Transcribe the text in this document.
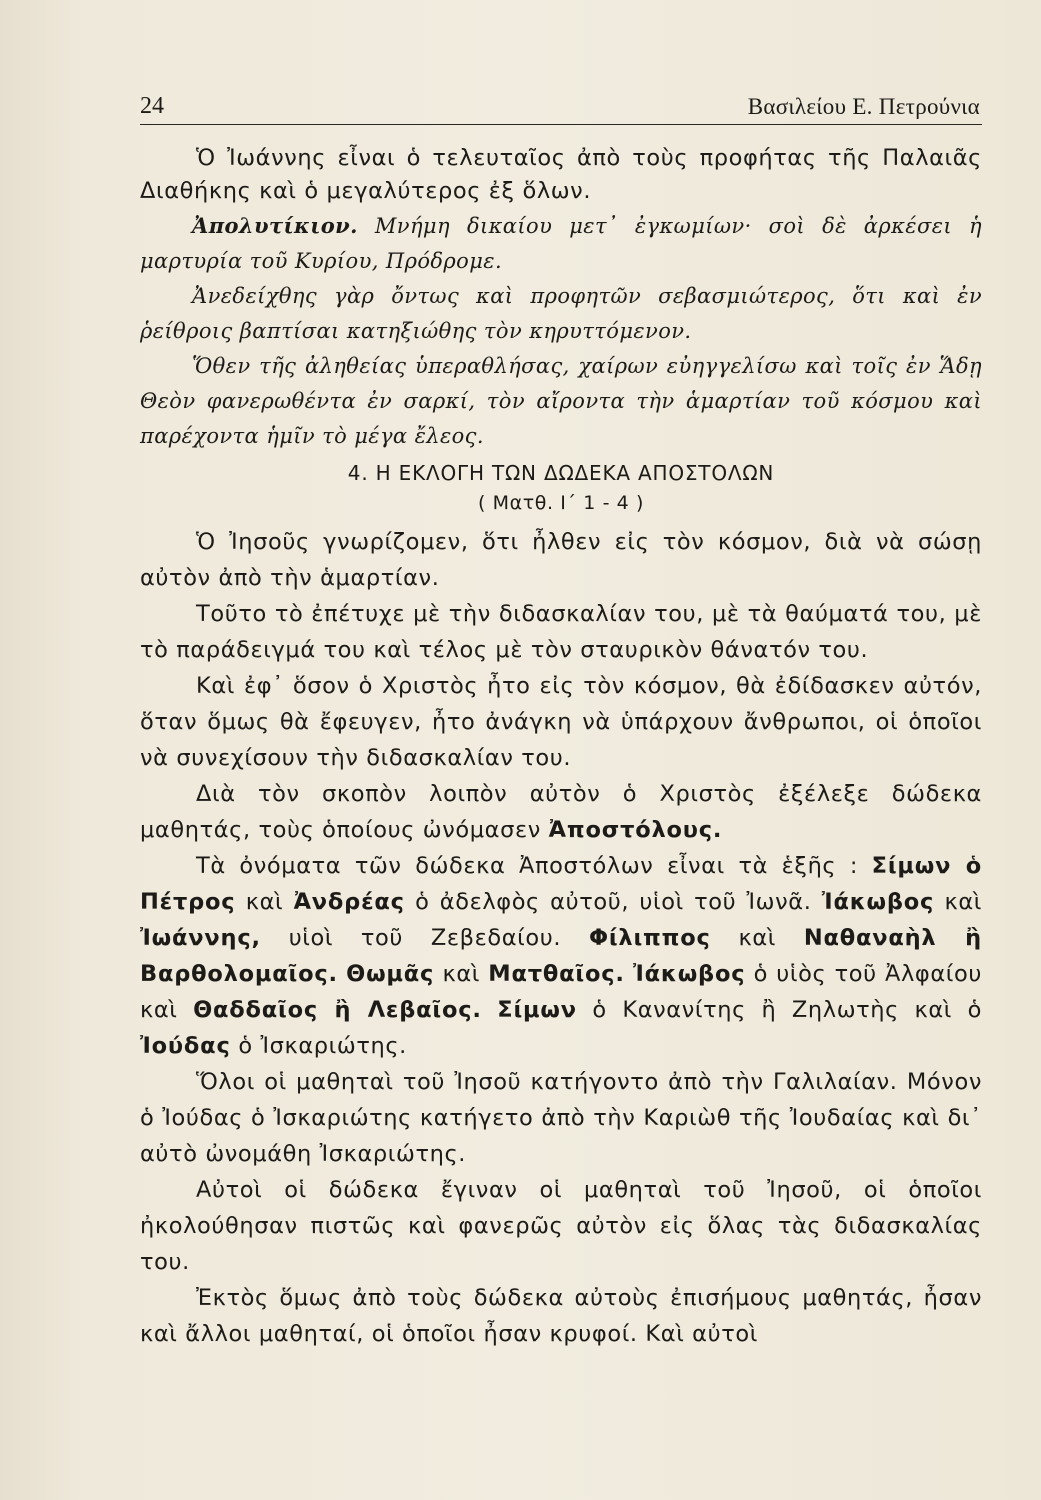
24	Βασιλείου Ε. Πετρούνια

Ὁ Ἰωάννης εἶναι ὁ τελευταῖος ἀπὸ τοὺς προφήτας τῆς Παλαιᾶς Διαθήκης καὶ ὁ μεγαλύτερος ἐξ ὅλων.

Ἀπολυτίκιον. Μνήμη δικαίου μετ᾽ ἐγκωμίων· σοὶ δὲ ἀρκέσει ἡ μαρτυρία τοῦ Κυρίου, Πρόδρομε.

Ἀνεδείχθης γὰρ ὄντως καὶ προφητῶν σεβασμιώτερος, ὅτι καὶ ἐν ῥείθροις βαπτίσαι κατηξιώθης τὸν κηρυττόμενον.

Ὅθεν τῆς ἀληθείας ὑπεραθλήσας, χαίρων εὐηγγελίσω καὶ τοῖς ἐν Ἅδῃ Θεὸν φανερωθέντα ἐν σαρκί, τὸν αἴροντα τὴν ἁμαρτίαν τοῦ κόσμου καὶ παρέχοντα ἡμῖν τὸ μέγα ἔλεος.

4. Η ΕΚΛΟΓΗ ΤΩΝ ΔΩΔΕΚΑ ΑΠΟΣΤΟΛΩΝ
( Ματθ. Ι΄ 1 - 4 )

Ὁ Ἰησοῦς γνωρίζομεν, ὅτι ἦλθεν εἰς τὸν κόσμον, διὰ νὰ σώσῃ αὐτὸν ἀπὸ τὴν ἁμαρτίαν.

Τοῦτο τὸ ἐπέτυχε μὲ τὴν διδασκαλίαν του, μὲ τὰ θαύματά του, μὲ τὸ παράδειγμά του καὶ τέλος μὲ τὸν σταυρικὸν θάνατόν του.

Καὶ ἐφ᾽ ὅσον ὁ Χριστὸς ἦτο εἰς τὸν κόσμον, θὰ ἐδίδασκεν αὐτόν, ὅταν ὅμως θὰ ἔφευγεν, ἦτο ἀνάγκη νὰ ὑπάρχουν ἄνθρωποι, οἱ ὁποῖοι νὰ συνεχίσουν τὴν διδασκαλίαν του.

Διὰ τὸν σκοπὸν λοιπὸν αὐτὸν ὁ Χριστὸς ἐξέλεξε δώδεκα μαθητάς, τοὺς ὁποίους ὠνόμασεν Ἀποστόλους.

Τὰ ὀνόματα τῶν δώδεκα Ἀποστόλων εἶναι τὰ ἑξῆς : Σίμων ὁ Πέτρος καὶ Ἀνδρέας ὁ ἀδελφὸς αὐτοῦ, υἱοὶ τοῦ Ἰωνᾶ. Ἰάκωβος καὶ Ἰωάννης, υἱοὶ τοῦ Ζεβεδαίου. Φίλιππος καὶ Ναθαναὴλ ἢ Βαρθολομαῖος. Θωμᾶς καὶ Ματθαῖος. Ἰάκωβος ὁ υἱὸς τοῦ Ἀλφαίου καὶ Θαδδαῖος ἢ Λεβαῖος. Σίμων ὁ Κανανίτης ἢ Ζηλωτὴς καὶ ὁ Ἰούδας ὁ Ἰσκαριώτης.

Ὅλοι οἱ μαθηταὶ τοῦ Ἰησοῦ κατήγοντο ἀπὸ τὴν Γαλιλαίαν. Μόνον ὁ Ἰούδας ὁ Ἰσκαριώτης κατήγετο ἀπὸ τὴν Καριὼθ τῆς Ἰουδαίας καὶ δι᾽ αὐτὸ ὠνομάθη Ἰσκαριώτης.

Αὐτοὶ οἱ δώδεκα ἔγιναν οἱ μαθηταὶ τοῦ Ἰησοῦ, οἱ ὁποῖοι ἠκολούθησαν πιστῶς καὶ φανερῶς αὐτὸν εἰς ὅλας τὰς διδασκαλίας του.

Ἐκτὸς ὅμως ἀπὸ τοὺς δώδεκα αὐτοὺς ἐπισήμους μαθητάς, ἦσαν καὶ ἄλλοι μαθηταί, οἱ ὁποῖοι ἦσαν κρυφοί. Καὶ αὐτοὶ
